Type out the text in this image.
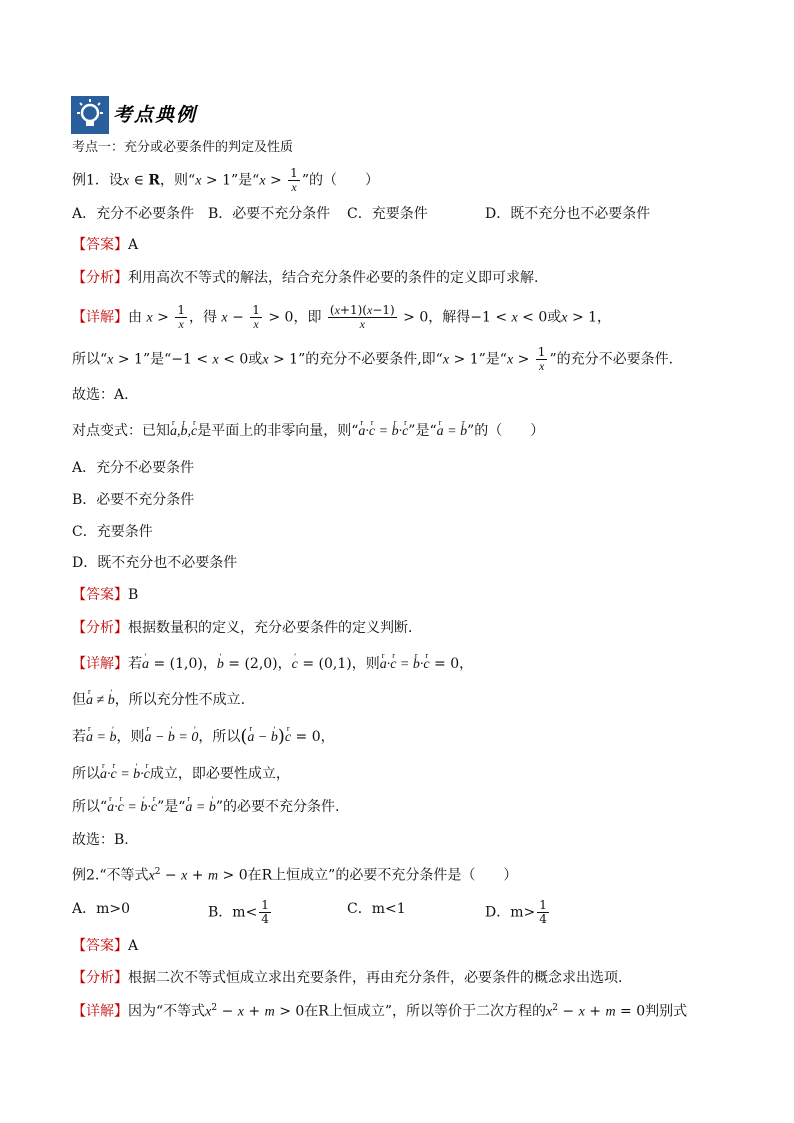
考点典例
考点一：充分或必要条件的判定及性质
例1．设x ∈ R，则“x > 1”是“$x > \frac{1}{x}$ ”的（　　）
A．充分不必要条件 B．必要不充分条件 C．充要条件	D．既不充分也不必要条件
【答案】A
【分析】利用高次不等式的解法，结合充分条件必要的条件的定义即可求解.
【详解】由 $x > \frac{1}{x}$ ，得 $x - \frac{1}{x} > 0$，即 $\frac{(x+1)(x-1)}{x} > 0$，解得−1 < x < 0或x > 1，
所以“x > 1”是“−1 < x < 0或x > 1”的充分不必要条件,即“x > 1”是“$x > \frac{1}{x}$ ”的充分不必要条件.
故选：A.
对点变式：已知r a,r b,r c是平面上的非零向量，则“r a·r c = r b·r c”是“r a = r b”的（　　）
A．充分不必要条件
B．必要不充分条件
C．充要条件
D．既不充分也不必要条件
【答案】B
【分析】根据数量积的定义，充分必要条件的定义判断．
【详解】若' a = (1,0)，' b = (2,0)，' c = (0,1)，则r a·r c = r b·r c = 0，
但r a ≠ ' b，所以充分性不成立.
若r a = ' b，则r a − ' b = ' 0，所以(r a − ' b)r c = 0，
所以r a·r c = ' b·r c成立，即必要性成立，
所以“r a·r c = ' b·r c”是“r a = ' b”的必要不充分条件.
故选：B.
例2.“不等式$x^2 - x + m > 0$在R上恒成立”的必要不充分条件是（　　）
A．m>0	B．$m< \frac{1}{4}$	C．m<1	D．$m> \frac{1}{4}$
【答案】A
【分析】根据二次不等式恒成立求出充要条件，再由充分条件，必要条件的概念求出选项.
【详解】因为“不等式$x^2 - x + m > 0$在R上恒成立”，所以等价于二次方程的$x^2 - x + m = 0$判别式
